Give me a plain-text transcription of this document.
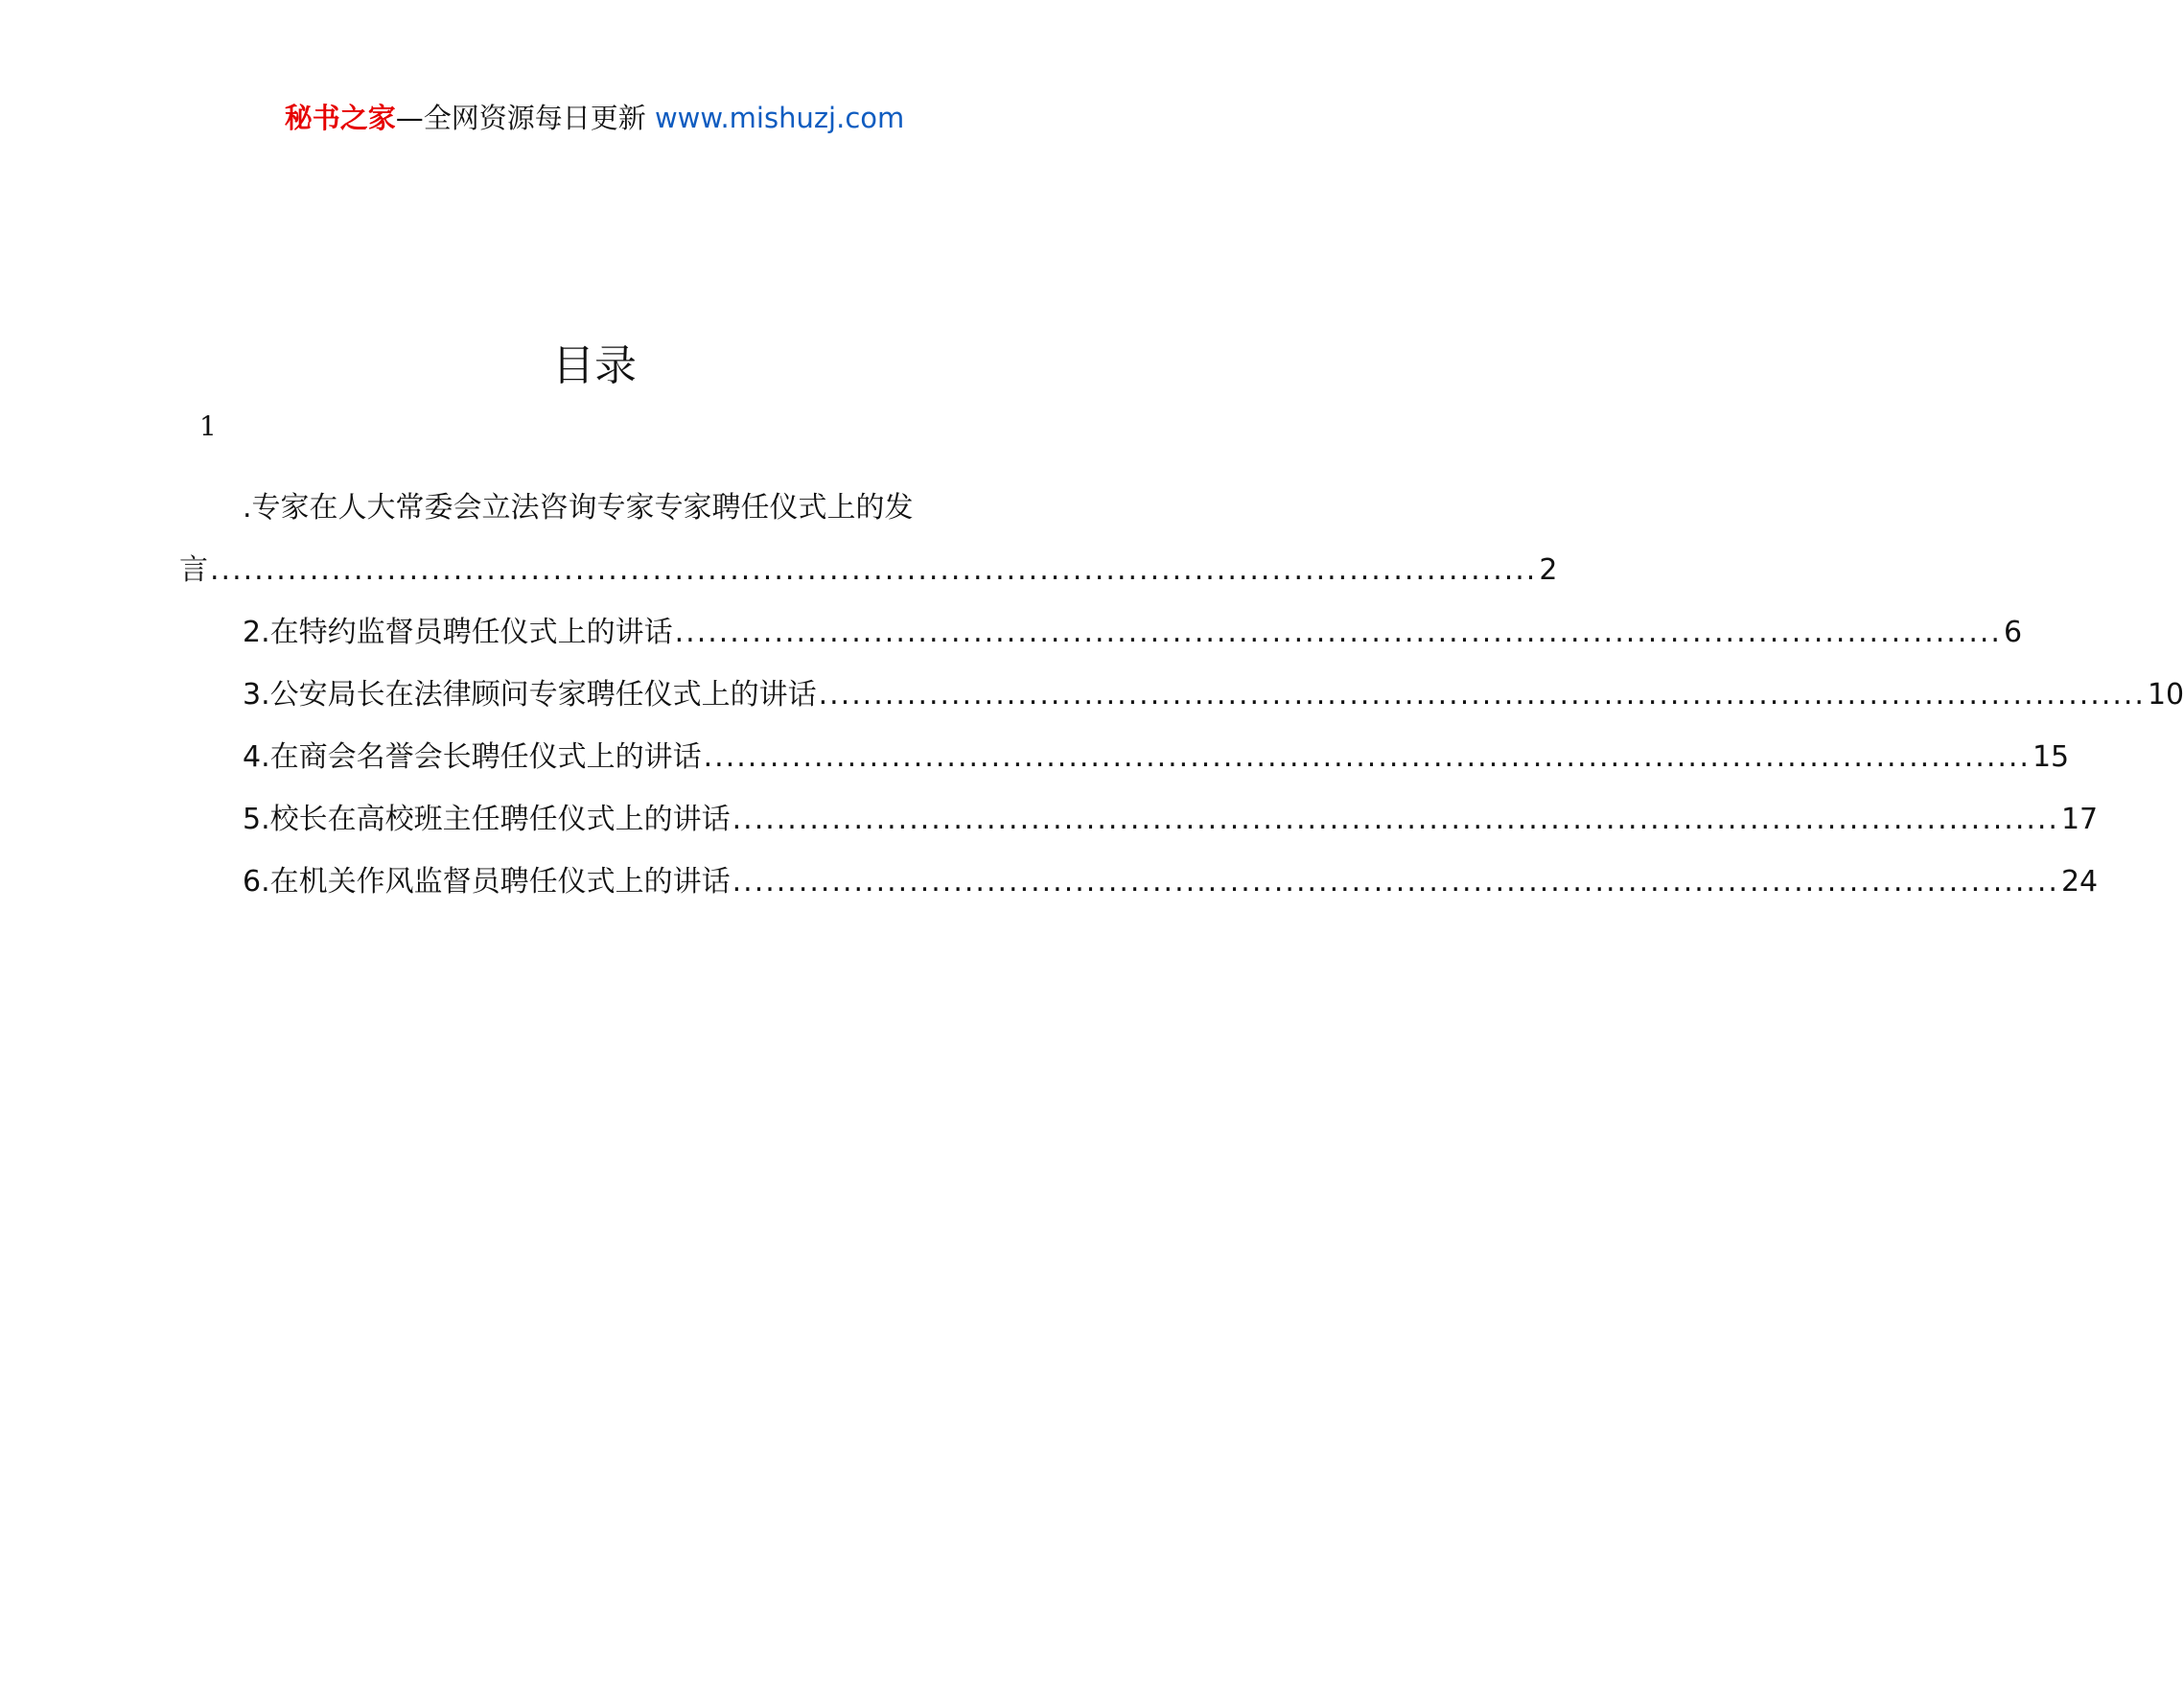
秘书之家—全网资源每日更新 www.mishuzj.com
目录
1
.专家在人大常委会立法咨询专家专家聘任仪式上的发
言 ........................................................................................................................ 2
2.在特约监督员聘任仪式上的讲话 ........................................................................................................................ 6
3.公安局长在法律顾问专家聘任仪式上的讲话 ........................................................................................................................ 10
4.在商会名誉会长聘任仪式上的讲话 ........................................................................................................................ 15
5.校长在高校班主任聘任仪式上的讲话 ........................................................................................................................ 17
6.在机关作风监督员聘任仪式上的讲话 ........................................................................................................................ 24
